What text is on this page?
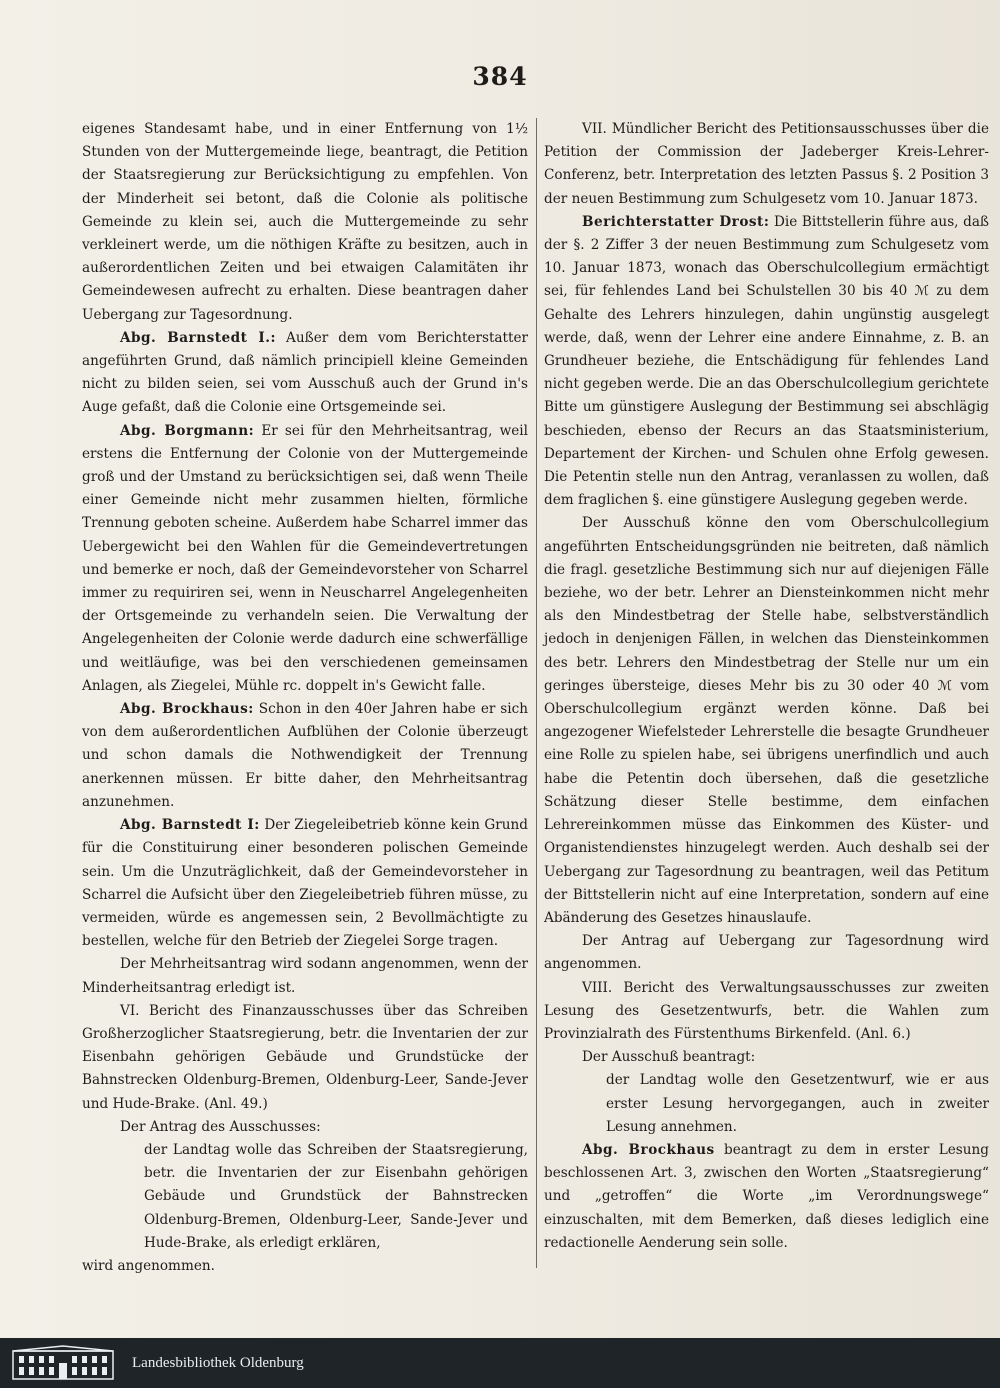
384

eigenes Standesamt habe, und in einer Entfernung von 1½ Stunden von der Muttergemeinde liege, beantragt, die Petition der Staatsregierung zur Berücksichtigung zu empfehlen. Von der Minderheit sei betont, daß die Colonie als politische Gemeinde zu klein sei, auch die Muttergemeinde zu sehr verkleinert werde, um die nöthigen Kräfte zu besitzen, auch in außerordentlichen Zeiten und bei etwaigen Calamitäten ihr Gemeindewesen aufrecht zu erhalten. Diese beantragen daher Uebergang zur Tagesordnung.

Abg. Barnstedt I.: Außer dem vom Berichterstatter angeführten Grund, daß nämlich principiell kleine Gemeinden nicht zu bilden seien, sei vom Ausschuß auch der Grund in's Auge gefaßt, daß die Colonie eine Ortsgemeinde sei.

Abg. Borgmann: Er sei für den Mehrheitsantrag, weil erstens die Entfernung der Colonie von der Muttergemeinde groß und der Umstand zu berücksichtigen sei, daß wenn Theile einer Gemeinde nicht mehr zusammen hielten, förmliche Trennung geboten scheine. Außerdem habe Scharrel immer das Uebergewicht bei den Wahlen für die Gemeindevertretungen und bemerke er noch, daß der Gemeindevorsteher von Scharrel immer zu requiriren sei, wenn in Neuscharrel Angelegenheiten der Ortsgemeinde zu verhandeln seien. Die Verwaltung der Angelegenheiten der Colonie werde dadurch eine schwerfällige und weitläufige, was bei den verschiedenen gemeinsamen Anlagen, als Ziegelei, Mühle rc. doppelt in's Gewicht falle.

Abg. Brockhaus: Schon in den 40er Jahren habe er sich von dem außerordentlichen Aufblühen der Colonie überzeugt und schon damals die Nothwendigkeit der Trennung anerkennen müssen. Er bitte daher, den Mehrheitsantrag anzunehmen.

Abg. Barnstedt I: Der Ziegeleibetrieb könne kein Grund für die Constituirung einer besonderen polischen Gemeinde sein. Um die Unzuträglichkeit, daß der Gemeindevorsteher in Scharrel die Aufsicht über den Ziegeleibetrieb führen müsse, zu vermeiden, würde es angemessen sein, 2 Bevollmächtigte zu bestellen, welche für den Betrieb der Ziegelei Sorge tragen.

Der Mehrheitsantrag wird sodann angenommen, wenn der Minderheitsantrag erledigt ist.

VI. Bericht des Finanzausschusses über das Schreiben Großherzoglicher Staatsregierung, betr. die Inventarien der zur Eisenbahn gehörigen Gebäude und Grundstücke der Bahnstrecken Oldenburg-Bremen, Oldenburg-Leer, Sande-Jever und Hude-Brake. (Anl. 49.)

Der Antrag des Ausschusses:

der Landtag wolle das Schreiben der Staatsregierung, betr. die Inventarien der zur Eisenbahn gehörigen Gebäude und Grundstück der Bahnstrecken Oldenburg-Bremen, Oldenburg-Leer, Sande-Jever und Hude-Brake, als erledigt erklären,

wird angenommen.

VII. Mündlicher Bericht des Petitionsausschusses über die Petition der Commission der Jadeberger Kreis-Lehrer-Conferenz, betr. Interpretation des letzten Passus §. 2 Position 3 der neuen Bestimmung zum Schulgesetz vom 10. Januar 1873.

Berichterstatter Drost: Die Bittstellerin führe aus, daß der §. 2 Ziffer 3 der neuen Bestimmung zum Schulgesetz vom 10. Januar 1873, wonach das Oberschulcollegium ermächtigt sei, für fehlendes Land bei Schulstellen 30 bis 40 ℳ zu dem Gehalte des Lehrers hinzulegen, dahin ungünstig ausgelegt werde, daß, wenn der Lehrer eine andere Einnahme, z. B. an Grundheuer beziehe, die Entschädigung für fehlendes Land nicht gegeben werde. Die an das Oberschulcollegium gerichtete Bitte um günstigere Auslegung der Bestimmung sei abschlägig beschieden, ebenso der Recurs an das Staatsministerium, Departement der Kirchen- und Schulen ohne Erfolg gewesen. Die Petentin stelle nun den Antrag, veranlassen zu wollen, daß dem fraglichen §. eine günstigere Auslegung gegeben werde.

Der Ausschuß könne den vom Oberschulcollegium angeführten Entscheidungsgründen nie beitreten, daß nämlich die fragl. gesetzliche Bestimmung sich nur auf diejenigen Fälle beziehe, wo der betr. Lehrer an Diensteinkommen nicht mehr als den Mindestbetrag der Stelle habe, selbstverständlich jedoch in denjenigen Fällen, in welchen das Diensteinkommen des betr. Lehrers den Mindestbetrag der Stelle nur um ein geringes übersteige, dieses Mehr bis zu 30 oder 40 ℳ vom Oberschulcollegium ergänzt werden könne. Daß bei angezogener Wiefelsteder Lehrerstelle die besagte Grundheuer eine Rolle zu spielen habe, sei übrigens unerfindlich und auch habe die Petentin doch übersehen, daß die gesetzliche Schätzung dieser Stelle bestimme, dem einfachen Lehrereinkommen müsse das Einkommen des Küster- und Organistendienstes hinzugelegt werden. Auch deshalb sei der Uebergang zur Tagesordnung zu beantragen, weil das Petitum der Bittstellerin nicht auf eine Interpretation, sondern auf eine Abänderung des Gesetzes hinauslaufe.

Der Antrag auf Uebergang zur Tagesordnung wird angenommen.

VIII. Bericht des Verwaltungsausschusses zur zweiten Lesung des Gesetzentwurfs, betr. die Wahlen zum Provinzialrath des Fürstenthums Birkenfeld. (Anl. 6.)

Der Ausschuß beantragt:

der Landtag wolle den Gesetzentwurf, wie er aus erster Lesung hervorgegangen, auch in zweiter Lesung annehmen.

Abg. Brockhaus beantragt zu dem in erster Lesung beschlossenen Art. 3, zwischen den Worten „Staatsregierung“ und „getroffen“ die Worte „im Verordnungswege“ einzuschalten, mit dem Bemerken, daß dieses lediglich eine redactionelle Aenderung sein solle.

Landesbibliothek Oldenburg
